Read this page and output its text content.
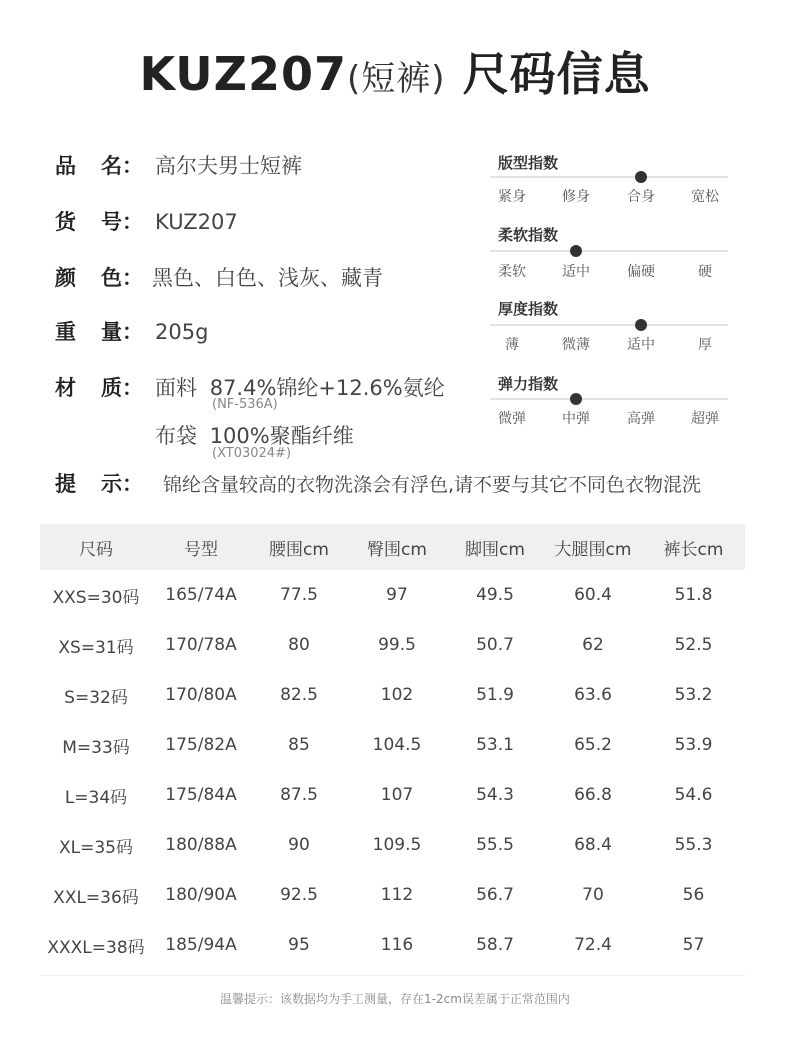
KUZ207(短裤) 尺码信息
品 名： 高尔夫男士短裤
货 号： KUZ207
颜 色： 黑色、白色、浅灰、藏青
重 量： 205g
材 质： 面料 87.4%锦纶+12.6%氨纶
(NF-536A)
布袋 100%聚酯纤维
(XT03024#)
提 示： 锦纶含量较高的衣物洗涤会有浮色,请不要与其它不同色衣物混洗
版型指数
紧身	修身	合身	宽松
柔软指数
柔软	适中	偏硬	硬
厚度指数
薄	微薄	适中	厚
弹力指数
微弹	中弹	高弹	超弹
尺码	号型	腰围cm	臀围cm	脚围cm	大腿围cm	裤长cm
XXS=30码	165/74A	77.5	97	49.5	60.4	51.8
XS=31码	170/78A	80	99.5	50.7	62	52.5
S=32码	170/80A	82.5	102	51.9	63.6	53.2
M=33码	175/82A	85	104.5	53.1	65.2	53.9
L=34码	175/84A	87.5	107	54.3	66.8	54.6
XL=35码	180/88A	90	109.5	55.5	68.4	55.3
XXL=36码	180/90A	92.5	112	56.7	70	56
XXXL=38码	185/94A	95	116	58.7	72.4	57
温馨提示：该数据均为手工测量，存在1-2cm误差属于正常范围内
